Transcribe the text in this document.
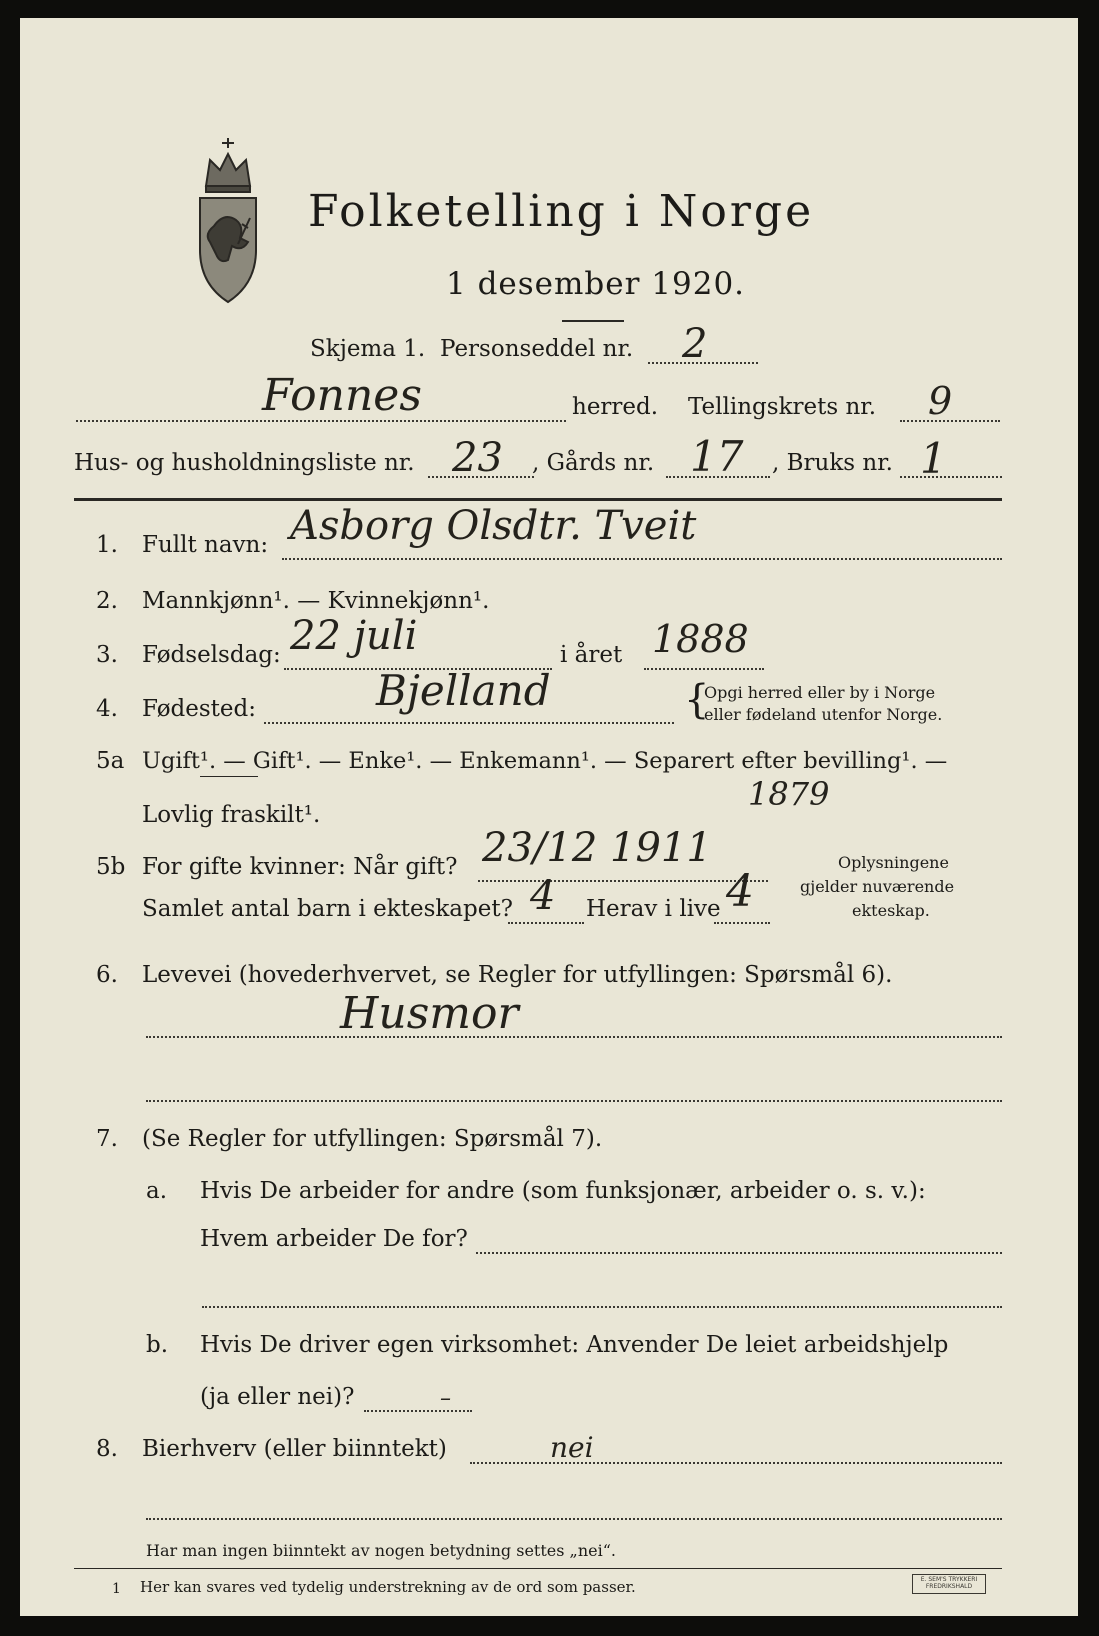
Folketelling i Norge
1 desember 1920.
Skjema 1. Personseddel nr. 2
Fonnes	herred. Tellingskrets nr. 9
Hus- og husholdningsliste nr. 23 , Gårds nr. 17 , Bruks nr. 1
1. Fullt navn: Asborg Olsdtr. Tveit
2. Mannkjønn¹. — Kvinnekjønn¹.
3. Fødselsdag: 22 juli	i året 1888
4. Fødested:	Bjelland	{
Opgi herred eller by i Norge
eller fødeland utenfor Norge.
5a Ugift¹. — Gift¹. — Enke¹. — Enkemann¹. — Separert efter bevilling¹. —
Lovlig fraskilt¹.
1879
5b For gifte kvinner: Når gift? 23/12 1911
Samlet antal barn i ekteskapet? 4 Herav i live 4
Oplysningene
gjelder nuværende
ekteskap.
6. Levevei (hovederhvervet, se Regler for utfyllingen: Spørsmål 6).
Husmor
7. (Se Regler for utfyllingen: Spørsmål 7).
a. Hvis De arbeider for andre (som funksjonær, arbeider o. s. v.):
Hvem arbeider De for?
b. Hvis De driver egen virksomhet: Anvender De leiet arbeidshjelp
(ja eller nei)?	–
8. Bierhverv (eller biinntekt)	nei
Har man ingen biinntekt av nogen betydning settes „nei“.
1 Her kan svares ved tydelig understrekning av de ord som passer.	E. SEM'S TRYKKERI
FREDRIKSHALD
